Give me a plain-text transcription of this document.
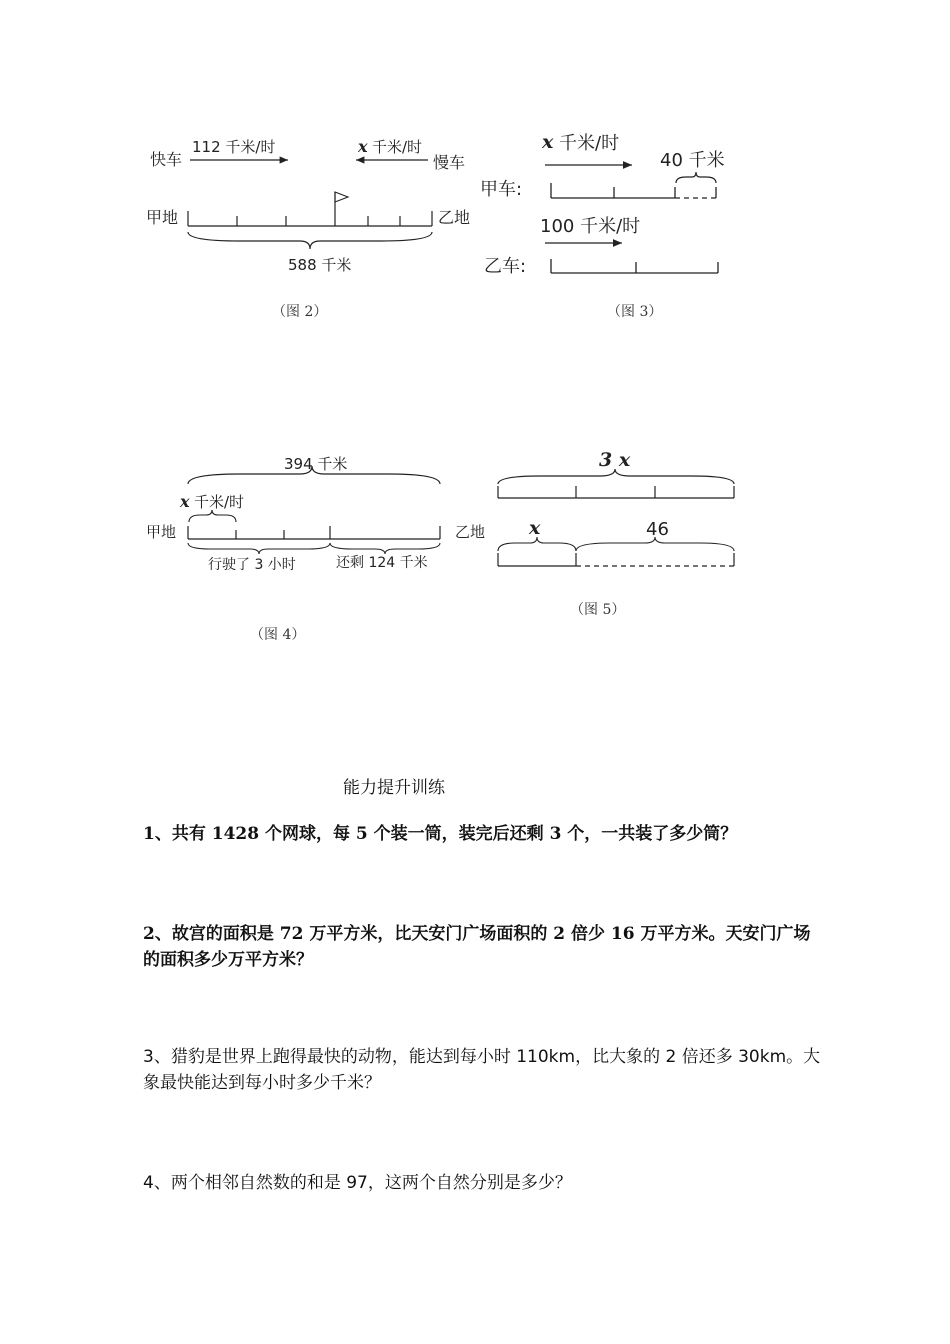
快车
112 千米/时	x 千米/时
慢车
甲地	乙地
588 千米
（图 2）
x 千米/时
40 千米
甲车:
100 千米/时
乙车:
（图 3）
394 千米
x 千米/时
甲地	乙地
行驶了 3 小时	还剩 124 千米
（图 4）
3 x
x	46
（图 5）
能力提升训练
1、共有 1428 个网球，每 5 个装一筒，装完后还剩 3 个，一共装了多少筒？
2、故宫的面积是 72 万平方米，比天安门广场面积的 2 倍少 16 万平方米。天安门广场的面积多少万平方米？
3、猎豹是世界上跑得最快的动物，能达到每小时 110km，比大象的 2 倍还多 30km。大象最快能达到每小时多少千米？
4、两个相邻自然数的和是 97，这两个自然分别是多少？
